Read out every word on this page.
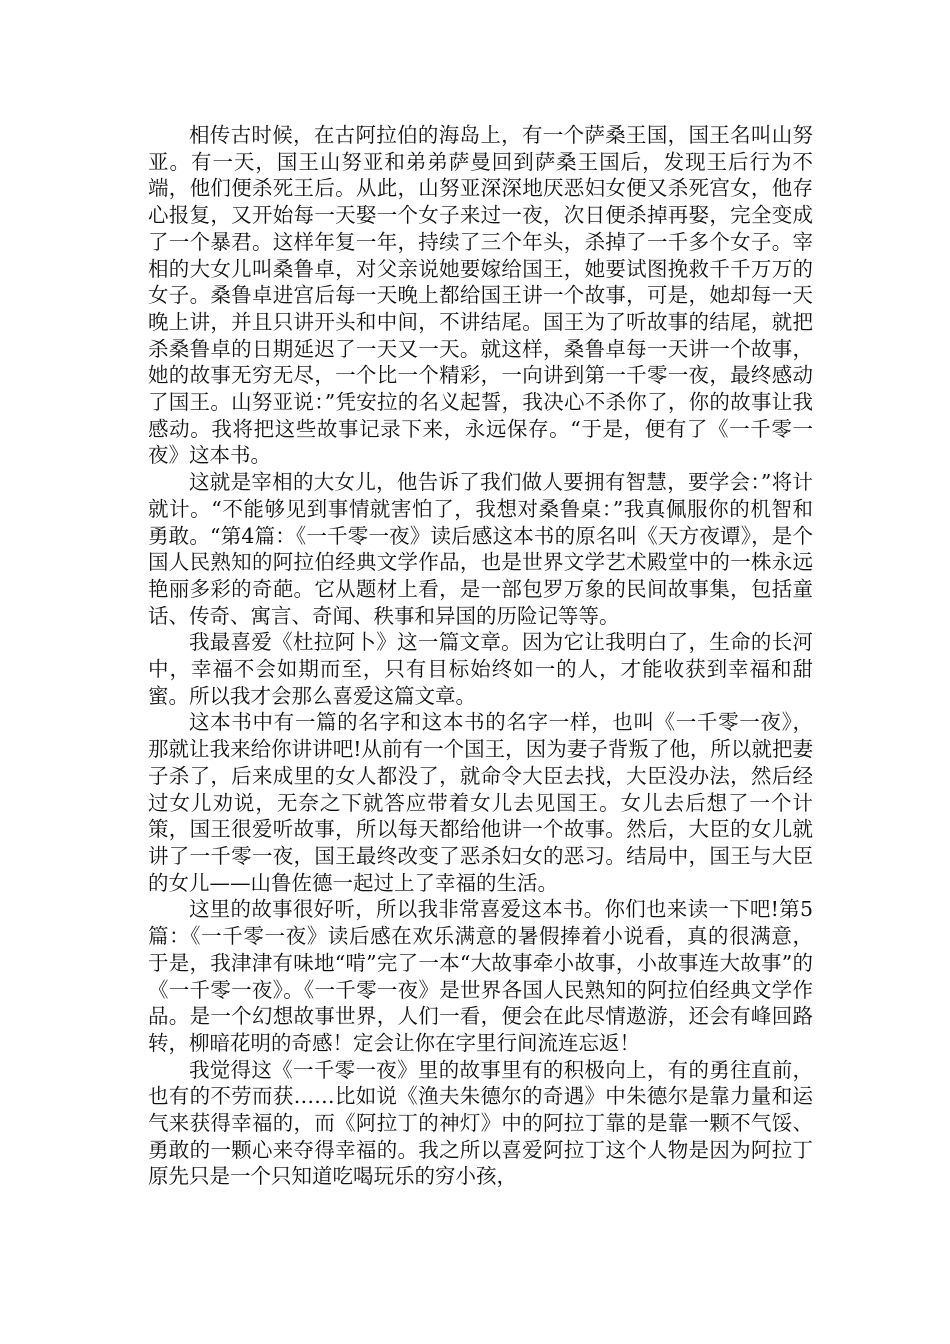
相传古时候，在古阿拉伯的海岛上，有一个萨桑王国，国王名叫山努亚。有一天，国王山努亚和弟弟萨曼回到萨桑王国后，发现王后行为不端，他们便杀死王后。从此，山努亚深深地厌恶妇女便又杀死宫女，他存心报复，又开始每一天娶一个女子来过一夜，次日便杀掉再娶，完全变成了一个暴君。这样年复一年，持续了三个年头，杀掉了一千多个女子。宰相的大女儿叫桑鲁卓，对父亲说她要嫁给国王，她要试图挽救千千万万的女子。桑鲁卓进宫后每一天晚上都给国王讲一个故事，可是，她却每一天晚上讲，并且只讲开头和中间，不讲结尾。国王为了听故事的结尾，就把杀桑鲁卓的日期延迟了一天又一天。就这样，桑鲁卓每一天讲一个故事，她的故事无穷无尽，一个比一个精彩，一向讲到第一千零一夜，最终感动了国王。山努亚说：”凭安拉的名义起誓，我决心不杀你了，你的故事让我感动。我将把这些故事记录下来，永远保存。“于是，便有了《一千零一夜》这本书。

这就是宰相的大女儿，他告诉了我们做人要拥有智慧，要学会：”将计就计。“不能够见到事情就害怕了，我想对桑鲁桌：”我真佩服你的机智和勇敢。“第4篇：《一千零一夜》读后感这本书的原名叫《天方夜谭》，是个国人民熟知的阿拉伯经典文学作品，也是世界文学艺术殿堂中的一株永远艳丽多彩的奇葩。它从题材上看，是一部包罗万象的民间故事集，包括童话、传奇、寓言、奇闻、秩事和异国的历险记等等。

我最喜爱《杜拉阿卜》这一篇文章。因为它让我明白了，生命的长河中，幸福不会如期而至，只有目标始终如一的人，才能收获到幸福和甜蜜。所以我才会那么喜爱这篇文章。

这本书中有一篇的名字和这本书的名字一样，也叫《一千零一夜》，那就让我来给你讲讲吧!从前有一个国王，因为妻子背叛了他，所以就把妻子杀了，后来成里的女人都没了，就命令大臣去找，大臣没办法，然后经过女儿劝说，无奈之下就答应带着女儿去见国王。女儿去后想了一个计策，国王很爱听故事，所以每天都给他讲一个故事。然后，大臣的女儿就讲了一千零一夜，国王最终改变了恶杀妇女的恶习。结局中，国王与大臣的女儿——山鲁佐德一起过上了幸福的生活。

这里的故事很好听，所以我非常喜爱这本书。你们也来读一下吧!第5篇：《一千零一夜》读后感在欢乐满意的暑假捧着小说看，真的很满意，于是，我津津有味地“啃”完了一本“大故事牵小故事，小故事连大故事”的《一千零一夜》。《一千零一夜》是世界各国人民熟知的阿拉伯经典文学作品。是一个幻想故事世界，人们一看，便会在此尽情遨游，还会有峰回路转，柳暗花明的奇感！定会让你在字里行间流连忘返！

我觉得这《一千零一夜》里的故事里有的积极向上，有的勇往直前，也有的不劳而获……比如说《渔夫朱德尔的奇遇》中朱德尔是靠力量和运气来获得幸福的，而《阿拉丁的神灯》中的阿拉丁靠的是靠一颗不气馁、勇敢的一颗心来夺得幸福的。我之所以喜爱阿拉丁这个人物是因为阿拉丁原先只是一个只知道吃喝玩乐的穷小孩，
